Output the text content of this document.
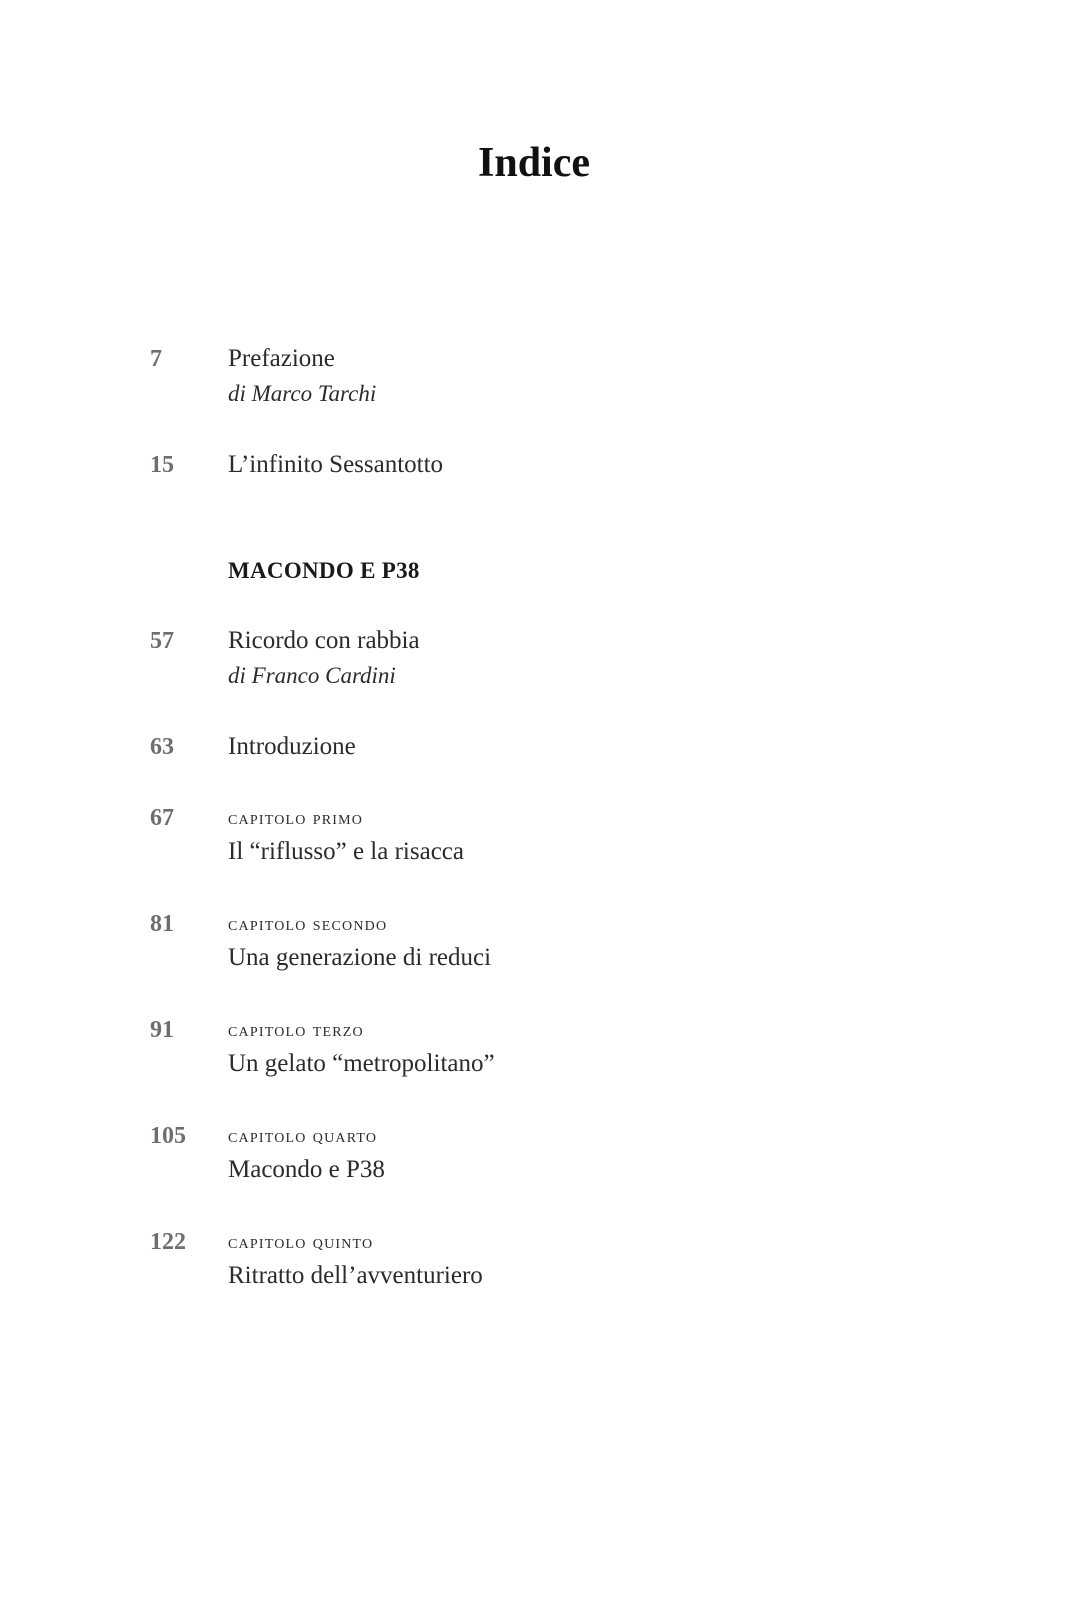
Indice
7	Prefazione
di Marco Tarchi
15 L’infinito Sessantotto
MACONDO E P38
57 Ricordo con rabbia
di Franco Cardini
63 Introduzione
67	capitolo primo
Il “riflusso” e la risacca
81	capitolo secondo
Una generazione di reduci
91	capitolo terzo
Un gelato “metropolitano”
105 capitolo quarto
Macondo e P38
122 capitolo quinto
Ritratto dell’avventuriero
